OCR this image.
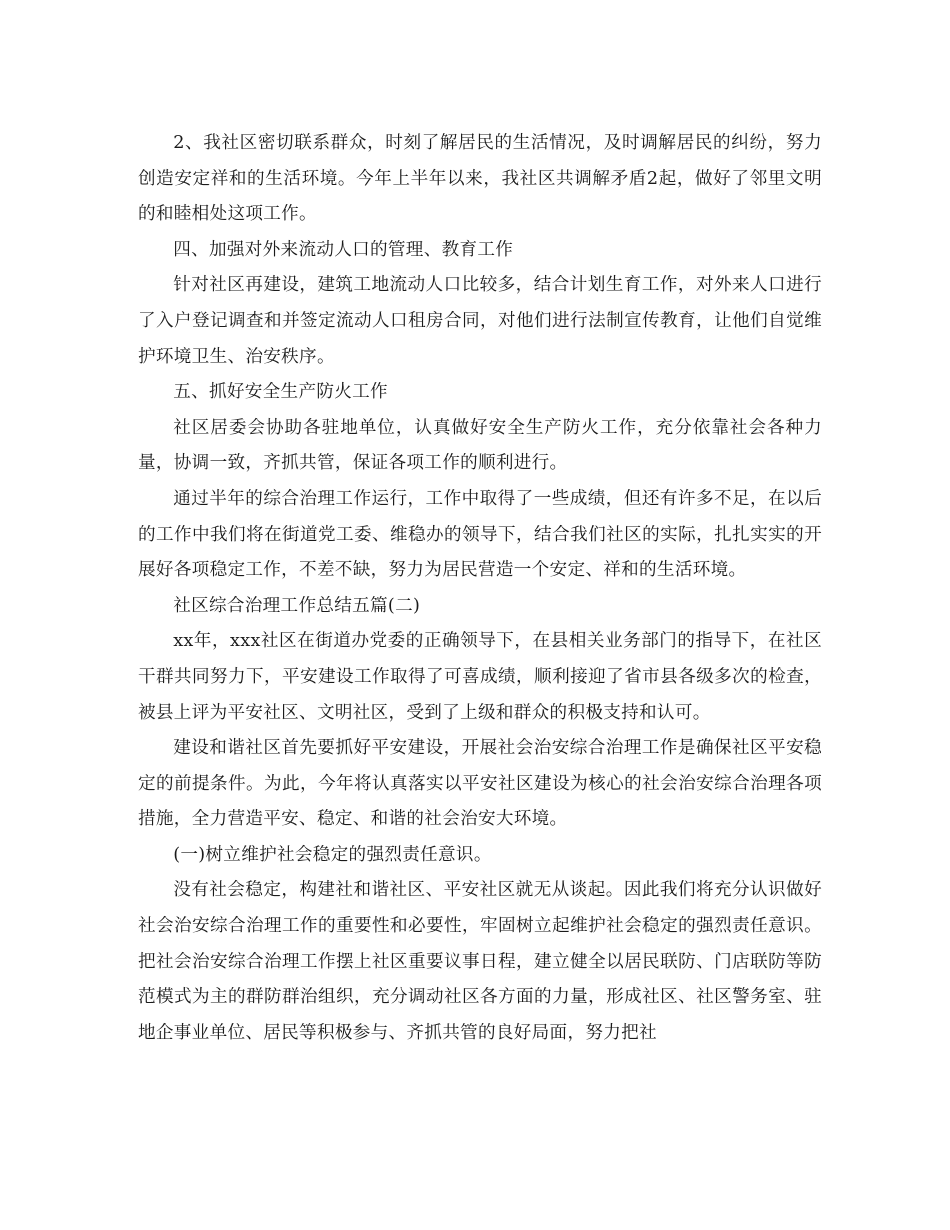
2、我社区密切联系群众，时刻了解居民的生活情况，及时调解居民的纠纷，努力创造安定祥和的生活环境。今年上半年以来，我社区共调解矛盾2起，做好了邻里文明的和睦相处这项工作。

四、加强对外来流动人口的管理、教育工作

针对社区再建设，建筑工地流动人口比较多，结合计划生育工作，对外来人口进行了入户登记调查和并签定流动人口租房合同，对他们进行法制宣传教育，让他们自觉维护环境卫生、治安秩序。

五、抓好安全生产防火工作

社区居委会协助各驻地单位，认真做好安全生产防火工作，充分依靠社会各种力量，协调一致，齐抓共管，保证各项工作的顺利进行。

通过半年的综合治理工作运行，工作中取得了一些成绩，但还有许多不足，在以后的工作中我们将在街道党工委、维稳办的领导下，结合我们社区的实际，扎扎实实的开展好各项稳定工作，不差不缺，努力为居民营造一个安定、祥和的生活环境。

社区综合治理工作总结五篇(二)

xx年，xxx社区在街道办党委的正确领导下，在县相关业务部门的指导下，在社区干群共同努力下，平安建设工作取得了可喜成绩，顺利接迎了省市县各级多次的检查，被县上评为平安社区、文明社区，受到了上级和群众的积极支持和认可。

建设和谐社区首先要抓好平安建设，开展社会治安综合治理工作是确保社区平安稳定的前提条件。为此，今年将认真落实以平安社区建设为核心的社会治安综合治理各项措施，全力营造平安、稳定、和谐的社会治安大环境。

(一)树立维护社会稳定的强烈责任意识。

没有社会稳定，构建社和谐社区、平安社区就无从谈起。因此我们将充分认识做好社会治安综合治理工作的重要性和必要性，牢固树立起维护社会稳定的强烈责任意识。把社会治安综合治理工作摆上社区重要议事日程，建立健全以居民联防、门店联防等防范模式为主的群防群治组织，充分调动社区各方面的力量，形成社区、社区警务室、驻地企事业单位、居民等积极参与、齐抓共管的良好局面，努力把社
